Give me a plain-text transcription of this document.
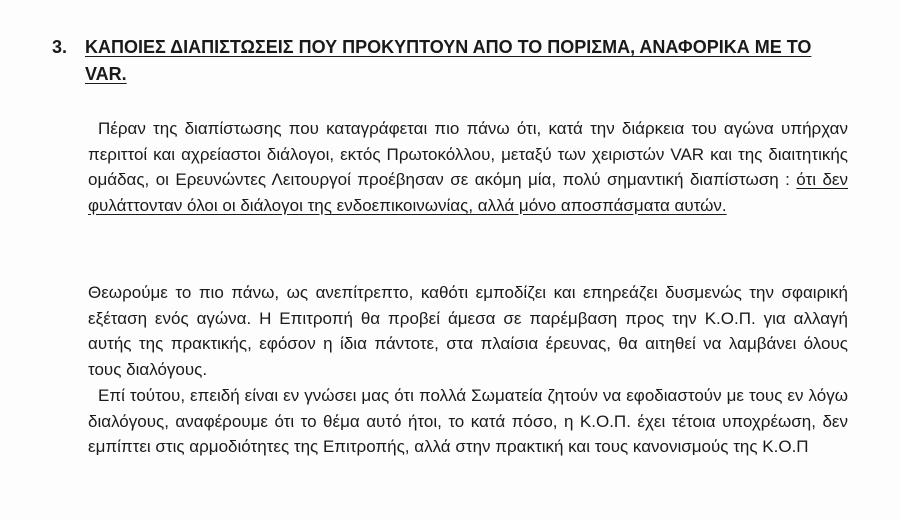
3. ΚΑΠΟΙΕΣ ΔΙΑΠΙΣΤΩΣΕΙΣ ΠΟΥ ΠΡΟΚΥΠΤΟΥΝ ΑΠΟ ΤΟ ΠΟΡΙΣΜΑ, ΑΝΑΦΟΡΙΚΑ ΜΕ ΤΟ VAR.
Πέραν της διαπίστωσης που καταγράφεται πιο πάνω ότι, κατά την διάρκεια του αγώνα υπήρχαν περιττοί και αχρείαστοι διάλογοι, εκτός Πρωτοκόλλου, μεταξύ των χειριστών VAR και της διαιτητικής ομάδας, οι Ερευνώντες Λειτουργοί προέβησαν σε ακόμη μία, πολύ σημαντική διαπίστωση : ότι δεν φυλάττονταν όλοι οι διάλογοι της ενδοεπικοινωνίας, αλλά μόνο αποσπάσματα αυτών.
Θεωρούμε το πιο πάνω, ως ανεπίτρεπτο, καθότι εμποδίζει και επηρεάζει δυσμενώς την σφαιρική εξέταση ενός αγώνα. Η Επιτροπή θα προβεί άμεσα σε παρέμβαση προς την Κ.Ο.Π. για αλλαγή αυτής της πρακτικής, εφόσον η ίδια πάντοτε, στα πλαίσια έρευνας, θα αιτηθεί να λαμβάνει όλους τους διαλόγους.
Επί τούτου, επειδή είναι εν γνώσει μας ότι πολλά Σωματεία ζητούν να εφοδιαστούν με τους εν λόγω διαλόγους, αναφέρουμε ότι το θέμα αυτό ήτοι, το κατά πόσο, η Κ.Ο.Π. έχει τέτοια υποχρέωση, δεν εμπίπτει στις αρμοδιότητες της Επιτροπής, αλλά στην πρακτική και τους κανονισμούς της Κ.Ο.Π
